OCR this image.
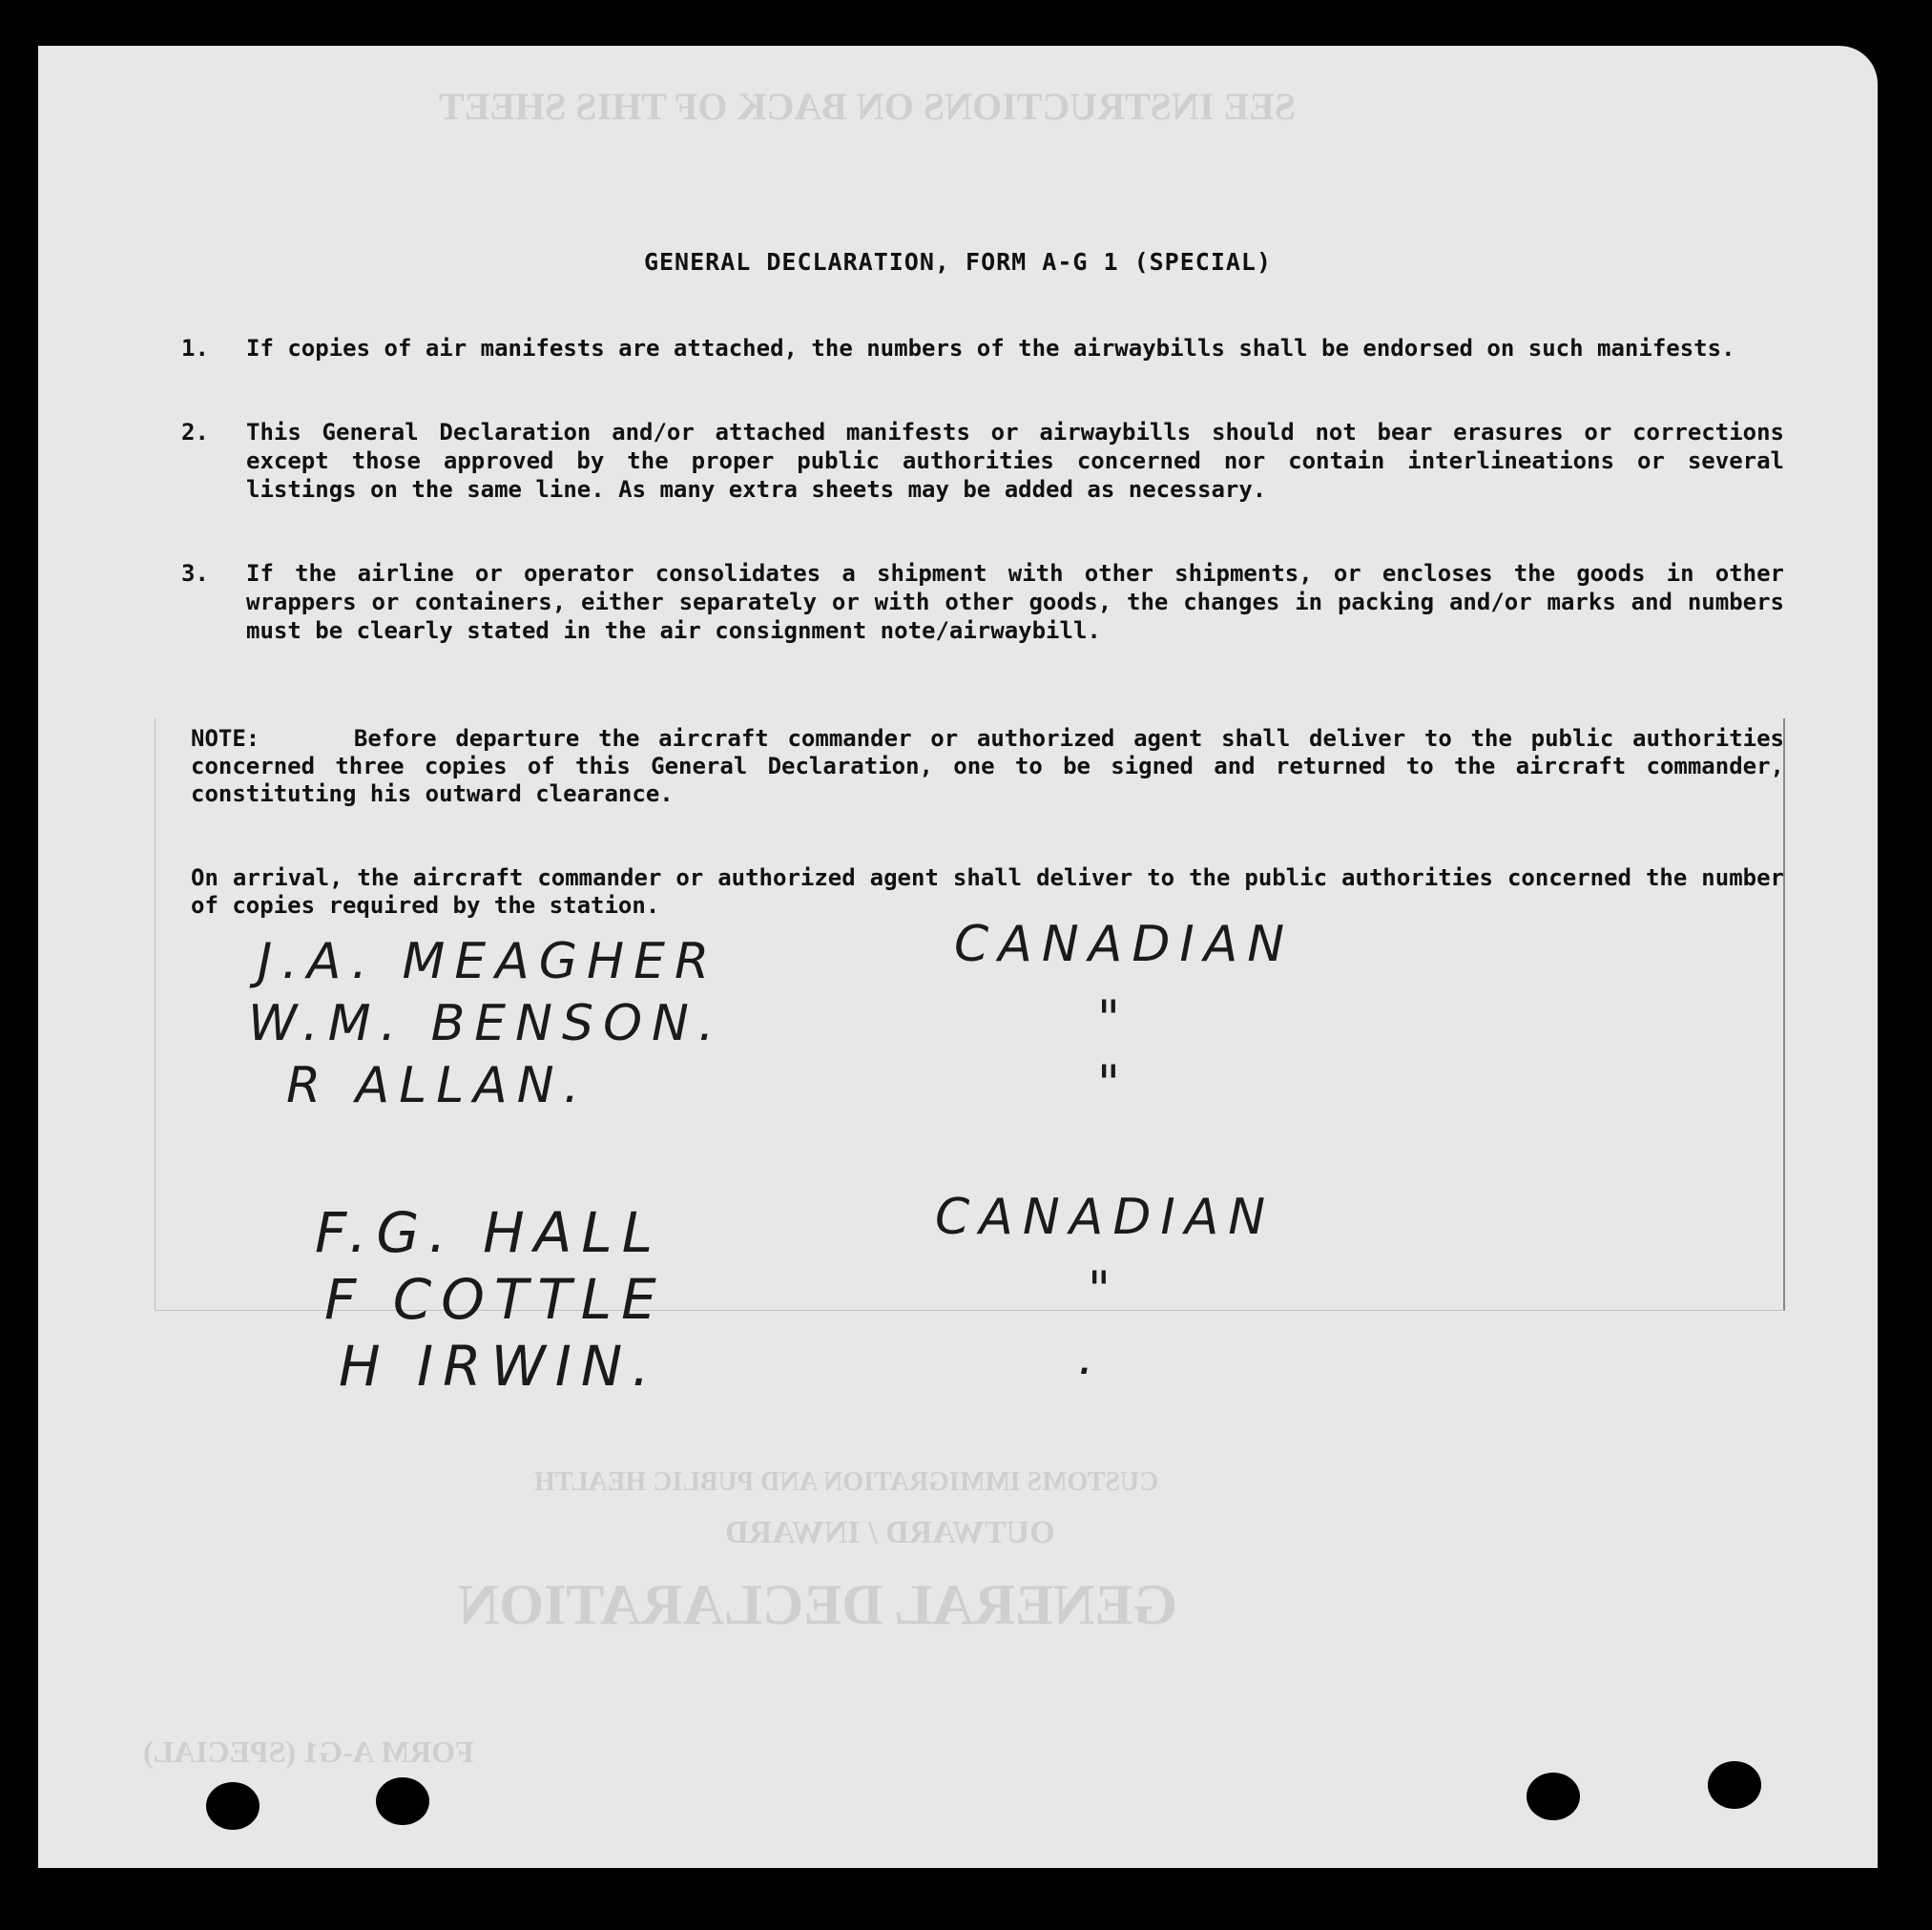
SEE INSTRUCTIONS ON BACK OF THIS SHEET
GENERAL DECLARATION
OUTWARD / INWARD
CUSTOMS IMMIGRATION AND PUBLIC HEALTH
FORM A-G1 (SPECIAL)
GENERAL DECLARATION, FORM A-G 1 (SPECIAL)
1. If copies of air manifests are attached, the numbers of the airwaybills shall be endorsed on such manifests.
2. This General Declaration and/or attached manifests or airwaybills should not bear erasures or corrections except those approved by the proper public authorities concerned nor contain interlineations or several listings on the same line. As many extra sheets may be added as necessary.
3. If the airline or operator consolidates a shipment with other shipments, or encloses the goods in other wrappers or containers, either separately or with other goods, the changes in packing and/or marks and numbers must be clearly stated in the air consignment note/airwaybill.
NOTE:     Before departure the aircraft commander or authorized agent shall deliver to the public authorities concerned three copies of this General Declaration, one to be signed and returned to the aircraft commander, constituting his outward clearance.
On arrival, the aircraft commander or authorized agent shall deliver to the public authorities concerned the number of copies required by the station.
J.A. MEAGHER	CANADIAN
W.M. BENSON.	"
R ALLAN.	"
F.G. HALL	CANADIAN
F COTTLE	"
H IRWIN.	.
